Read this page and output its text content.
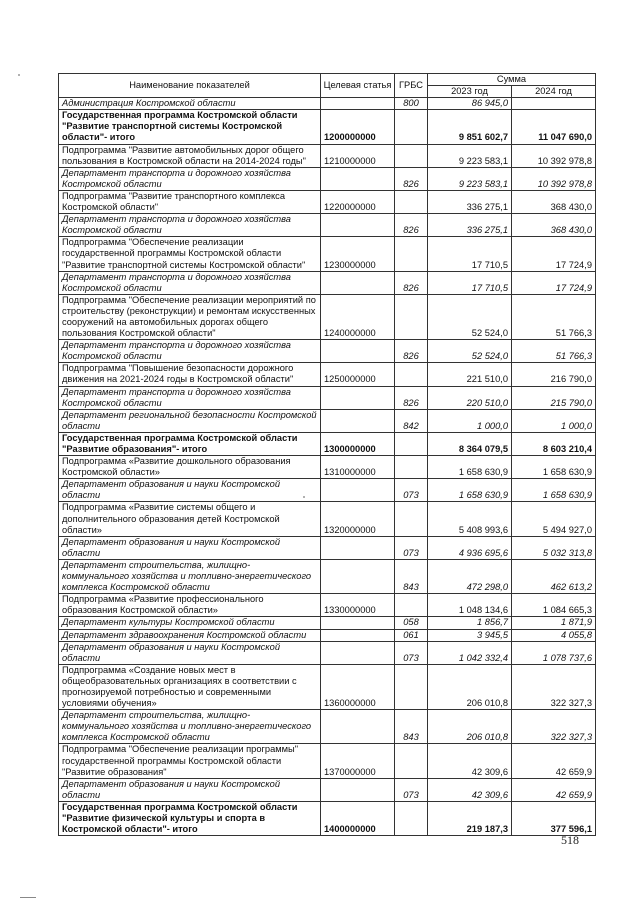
Наименование показателей	Целевая статья	ГРБС	Сумма	
			2023 год	2024 год
Администрация Костромской области		800	86 945,0	
Государственная программа Костромской области "Развитие транспортной системы Костромской области"- итого	1200000000		9 851 602,7	11 047 690,0
Подпрограмма "Развитие автомобильных дорог общего пользования в Костромской области на 2014-2024 годы"	1210000000		9 223 583,1	10 392 978,8
Департамент транспорта и дорожного хозяйства Костромской области		826	9 223 583,1	10 392 978,8
Подпрограмма "Развитие транспортного комплекса Костромской области"	1220000000		336 275,1	368 430,0
Департамент транспорта и дорожного хозяйства Костромской области		826	336 275,1	368 430,0
Подпрограмма "Обеспечение реализации государственной программы Костромской области "Развитие транспортной системы Костромской области"	1230000000		17 710,5	17 724,9
Департамент транспорта и дорожного хозяйства Костромской области		826	17 710,5	17 724,9
Подпрограмма "Обеспечение реализации мероприятий по строительству (реконструкции) и ремонтам искусственных сооружений на автомобильных дорогах общего пользования Костромской области"	1240000000		52 524,0	51 766,3
Департамент транспорта и дорожного хозяйства Костромской области		826	52 524,0	51 766,3
Подпрограмма "Повышение безопасности дорожного движения на 2021-2024 годы в Костромской области"	1250000000		221 510,0	216 790,0
Департамент транспорта и дорожного хозяйства Костромской области		826	220 510,0	215 790,0
Департамент региональной безопасности Костромской области		842	1 000,0	1 000,0
Государственная программа Костромской области "Развитие образования"- итого	1300000000		8 364 079,5	8 603 210,4
Подпрограмма «Развитие дошкольного образования Костромской области»	1310000000		1 658 630,9	1 658 630,9
Департамент образования и науки Костромской области		073	1 658 630,9	1 658 630,9
Подпрограмма «Развитие системы общего и дополнительного образования детей Костромской области»	1320000000		5 408 993,6	5 494 927,0
Департамент образования и науки Костромской области		073	4 936 695,6	5 032 313,8
Департамент строительства, жилищно-коммунального хозяйства и топливно-энергетического комплекса Костромской области		843	472 298,0	462 613,2
Подпрограмма «Развитие профессионального образования Костромской области»	1330000000		1 048 134,6	1 084 665,3
Департамент культуры Костромской области		058	1 856,7	1 871,9
Департамент здравоохранения Костромской области		061	3 945,5	4 055,8
Департамент образования и науки Костромской области		073	1 042 332,4	1 078 737,6
Подпрограмма «Создание новых мест в общеобразовательных организациях в соответствии с прогнозируемой потребностью и современными условиями обучения»	1360000000		206 010,8	322 327,3
Департамент строительства, жилищно-коммунального хозяйства и топливно-энергетического комплекса Костромской области		843	206 010,8	322 327,3
Подпрограмма "Обеспечение реализации программы" государственной программы Костромской области "Развитие образования"	1370000000		42 309,6	42 659,9
Департамент образования и науки Костромской области		073	42 309,6	42 659,9
Государственная программа Костромской области "Развитие физической культуры и спорта в Костромской области"- итого	1400000000		219 187,3	377 596,1
518
